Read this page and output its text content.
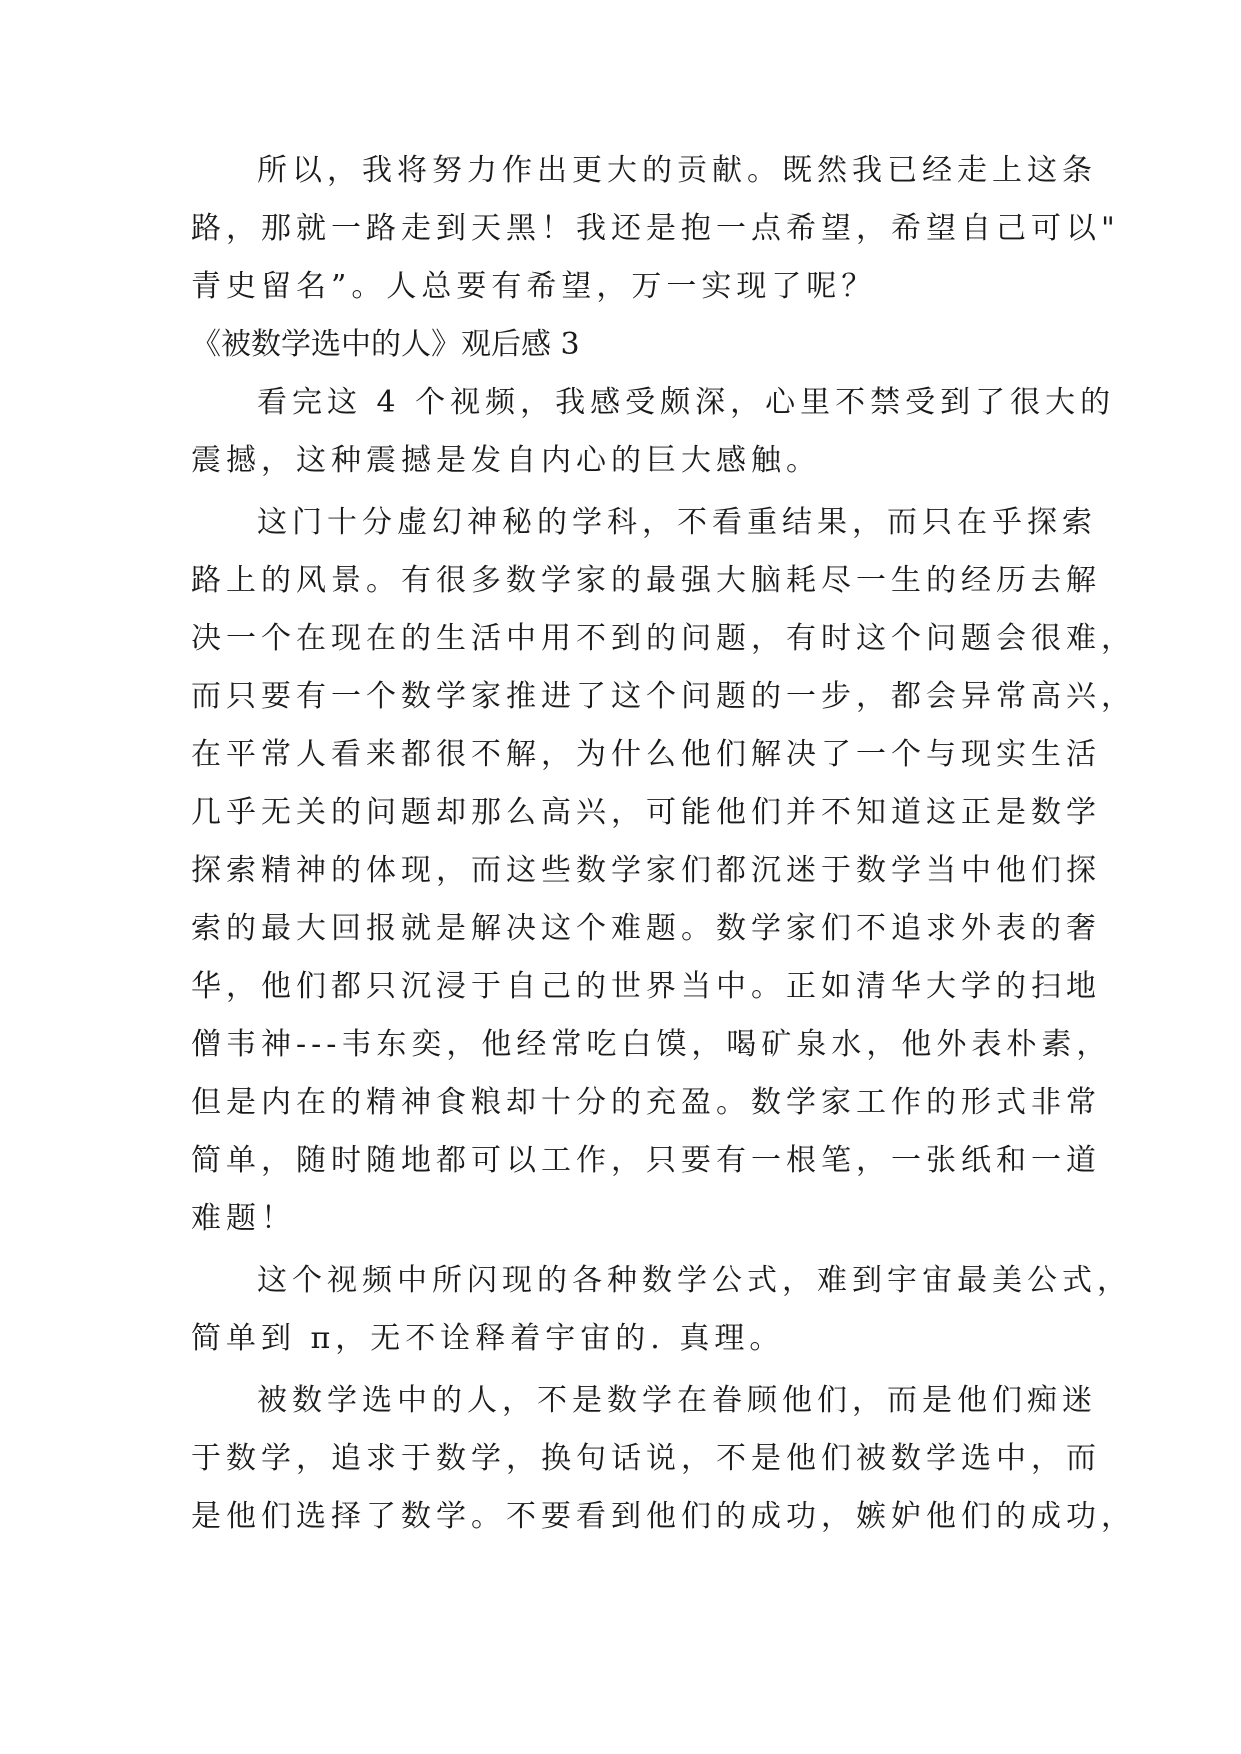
所以，我将努力作出更大的贡献。既然我已经走上这条
路，那就一路走到天黑！我还是抱一点希望，希望自己可以"
青史留名”。人总要有希望，万一实现了呢？
《被数学选中的人》观后感 3
看完这 4 个视频，我感受颇深，心里不禁受到了很大的
震撼，这种震撼是发自内心的巨大感触。
这门十分虚幻神秘的学科，不看重结果，而只在乎探索
路上的风景。有很多数学家的最强大脑耗尽一生的经历去解
决一个在现在的生活中用不到的问题，有时这个问题会很难，
而只要有一个数学家推进了这个问题的一步，都会异常高兴，
在平常人看来都很不解，为什么他们解决了一个与现实生活
几乎无关的问题却那么高兴，可能他们并不知道这正是数学
探索精神的体现，而这些数学家们都沉迷于数学当中他们探
索的最大回报就是解决这个难题。数学家们不追求外表的奢
华，他们都只沉浸于自己的世界当中。正如清华大学的扫地
僧韦神---韦东奕，他经常吃白馍，喝矿泉水，他外表朴素，
但是内在的精神食粮却十分的充盈。数学家工作的形式非常
简单，随时随地都可以工作，只要有一根笔，一张纸和一道
难题！
这个视频中所闪现的各种数学公式，难到宇宙最美公式，
简单到 π，无不诠释着宇宙的. 真理。
被数学选中的人，不是数学在眷顾他们，而是他们痴迷
于数学，追求于数学，换句话说，不是他们被数学选中，而
是他们选择了数学。不要看到他们的成功，嫉妒他们的成功，
